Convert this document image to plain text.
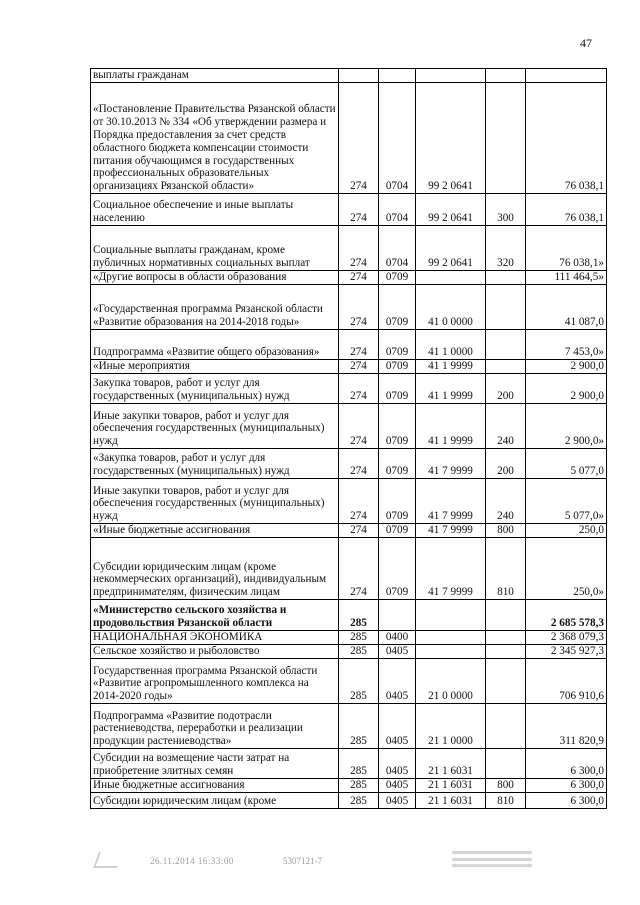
47
выплаты гражданам					
«Постановление Правительства Рязанской области от 30.10.2013 № 334 «Об утверждении размера и Порядка предоставления за счет средств областного бюджета компенсации стоимости питания обучающимся в государственных профессиональных образовательных организациях Рязанской области»	274	0704	99 2 0641		76 038,1
Социальное обеспечение и иные выплаты населению	274	0704	99 2 0641	300	76 038,1
Социальные выплаты гражданам, кроме публичных нормативных социальных выплат	274	0704	99 2 0641	320	76 038,1»
«Другие вопросы в области образования	274	0709			111 464,5»
«Государственная программа Рязанской области «Развитие образования на 2014-2018 годы»	274	0709	41 0 0000		41 087,0
Подпрограмма «Развитие общего образования»	274	0709	41 1 0000		7 453,0»
«Иные мероприятия	274	0709	41 1 9999		2 900,0
Закупка товаров, работ и услуг для государственных (муниципальных) нужд	274	0709	41 1 9999	200	2 900,0
Иные закупки товаров, работ и услуг для обеспечения государственных (муниципальных) нужд	274	0709	41 1 9999	240	2 900,0»
«Закупка товаров, работ и услуг для государственных (муниципальных) нужд	274	0709	41 7 9999	200	5 077,0
Иные закупки товаров, работ и услуг для обеспечения государственных (муниципальных) нужд	274	0709	41 7 9999	240	5 077,0»
«Иные бюджетные ассигнования	274	0709	41 7 9999	800	250,0
Субсидии юридическим лицам (кроме некоммерческих организаций), индивидуальным предпринимателям, физическим лицам	274	0709	41 7 9999	810	250,0»
«Министерство сельского хозяйства и продовольствия Рязанской области	285				2 685 578,3
НАЦИОНАЛЬНАЯ ЭКОНОМИКА	285	0400			2 368 079,3
Сельское хозяйство и рыболовство	285	0405			2 345 927,3
Государственная программа Рязанской области «Развитие агропромышленного комплекса на 2014-2020 годы»	285	0405	21 0 0000		706 910,6
Подпрограмма «Развитие подотрасли растениеводства, переработки и реализации продукции растениеводства»	285	0405	21 1 0000		311 820,9
Субсидии на возмещение части затрат на приобретение элитных семян	285	0405	21 1 6031		6 300,0
Иные бюджетные ассигнования	285	0405	21 1 6031	800	6 300,0
Субсидии юридическим лицам (кроме	285	0405	21 1 6031	810	6 300,0
26.11.2014 16:33:00	5307121-7
